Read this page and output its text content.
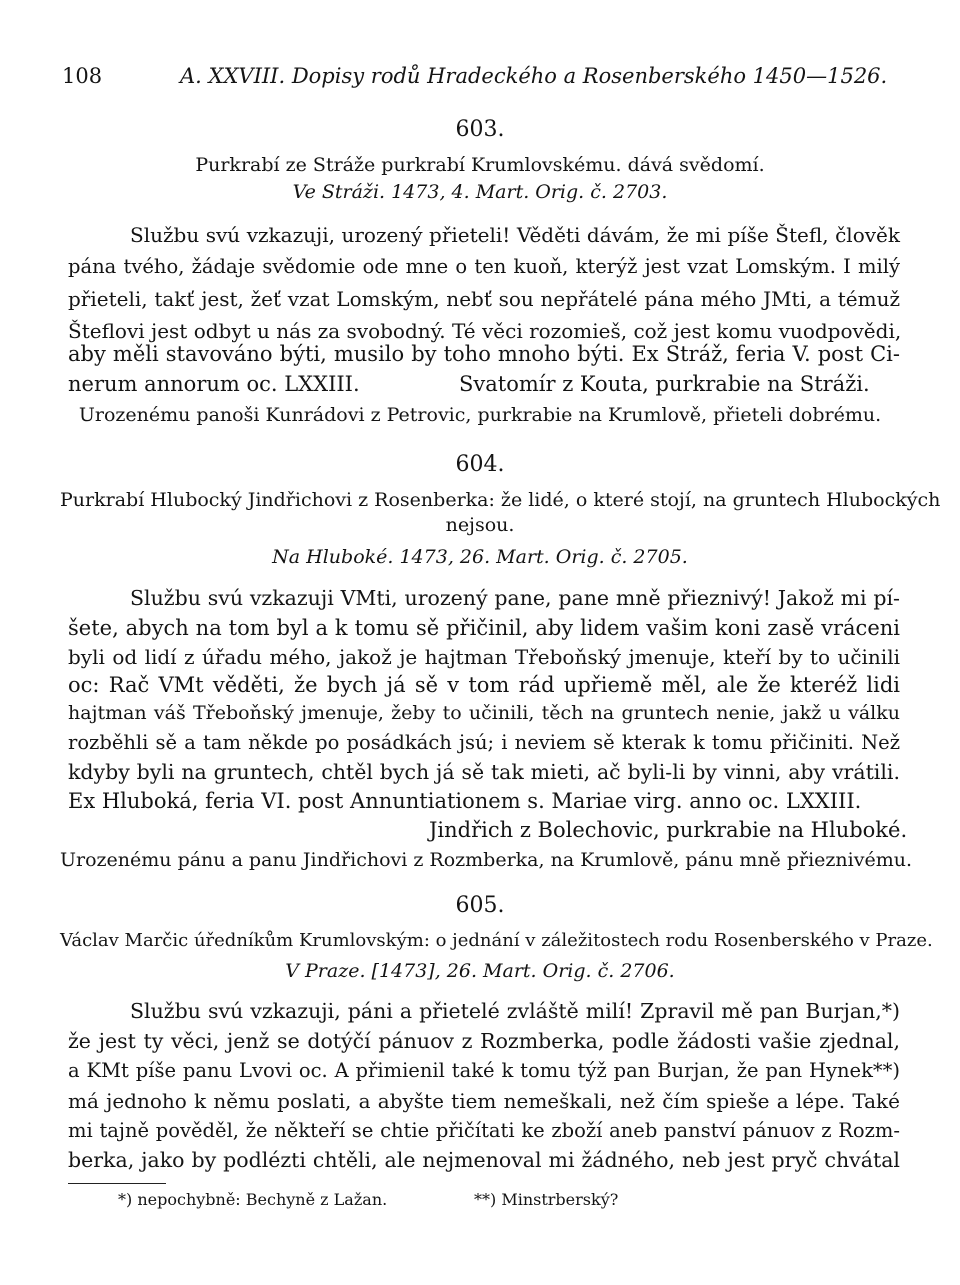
108	A. XXVIII. Dopisy rodů Hradeckého a Rosenberského 1450—1526.
603.
Purkrabí ze Stráže purkrabí Krumlovskému. dává svědomí.
Ve Stráži. 1473, 4. Mart. Orig. č. 2703.
Službu svú vzkazuji, urozený přieteli! Věděti dávám, že mi píše Štefl, člověk
pána tvého, žádaje svědomie ode mne o ten kuoň, kterýž jest vzat Lomským. I milý
přieteli, takť jest, žeť vzat Lomským, nebť sou nepřátelé pána mého JMti, a témuž
Šteflovi jest odbyt u nás za svobodný. Té věci rozomieš, což jest komu vuodpovědi,
aby měli stavováno býti, musilo by toho mnoho býti. Ex Stráž, feria V. post Ci-
nerum annorum oc. LXXIII.	Svatomír z Kouta, purkrabie na Stráži.
Urozenému panoši Kunrádovi z Petrovic, purkrabie na Krumlově, přieteli dobrému.
604.
Purkrabí Hlubocký Jindřichovi z Rosenberka: že lidé, o které stojí, na gruntech Hlubockých
nejsou.
Na Hluboké. 1473, 26. Mart. Orig. č. 2705.
Službu svú vzkazuji VMti, urozený pane, pane mně přieznivý! Jakož mi pí-
šete, abych na tom byl a k tomu sě přičinil, aby lidem vašim koni zasě vráceni
byli od lidí z úřadu mého, jakož je hajtman Třeboňský jmenuje, kteří by to učinili
oc: Rač VMt věděti, že bych já sě v tom rád upřiemě měl, ale že kteréž lidi
hajtman váš Třeboňský jmenuje, žeby to učinili, těch na gruntech nenie, jakž u válku
rozběhli sě a tam někde po posádkách jsú; i neviem sě kterak k tomu přičiniti. Než
kdyby byli na gruntech, chtěl bych já sě tak mieti, ač byli-li by vinni, aby vrátili.
Ex Hluboká, feria VI. post Annuntiationem s. Mariae virg. anno oc. LXXIII.
Jindřich z Bolechovic, purkrabie na Hluboké.
Urozenému pánu a panu Jindřichovi z Rozmberka, na Krumlově, pánu mně přieznivému.
605.
Václav Marčic úředníkům Krumlovským: o jednání v záležitostech rodu Rosenberského v Praze.
V Praze. [1473], 26. Mart. Orig. č. 2706.
Službu svú vzkazuji, páni a přietelé zvláště milí! Zpravil mě pan Burjan,*)
že jest ty věci, jenž se dotýčí pánuov z Rozmberka, podle žádosti vašie zjednal,
a KMt píše panu Lvovi oc. A přimienil také k tomu týž pan Burjan, že pan Hynek**)
má jednoho k němu poslati, a abyšte tiem nemeškali, než čím spieše a lépe. Také
mi tajně pověděl, že někteří se chtie přičítati ke zboží aneb panství pánuov z Rozm-
berka, jako by podlézti chtěli, ale nejmenoval mi žádného, neb jest pryč chvátal
*) nepochybně: Bechyně z Lažan.	**) Minstrberský?
